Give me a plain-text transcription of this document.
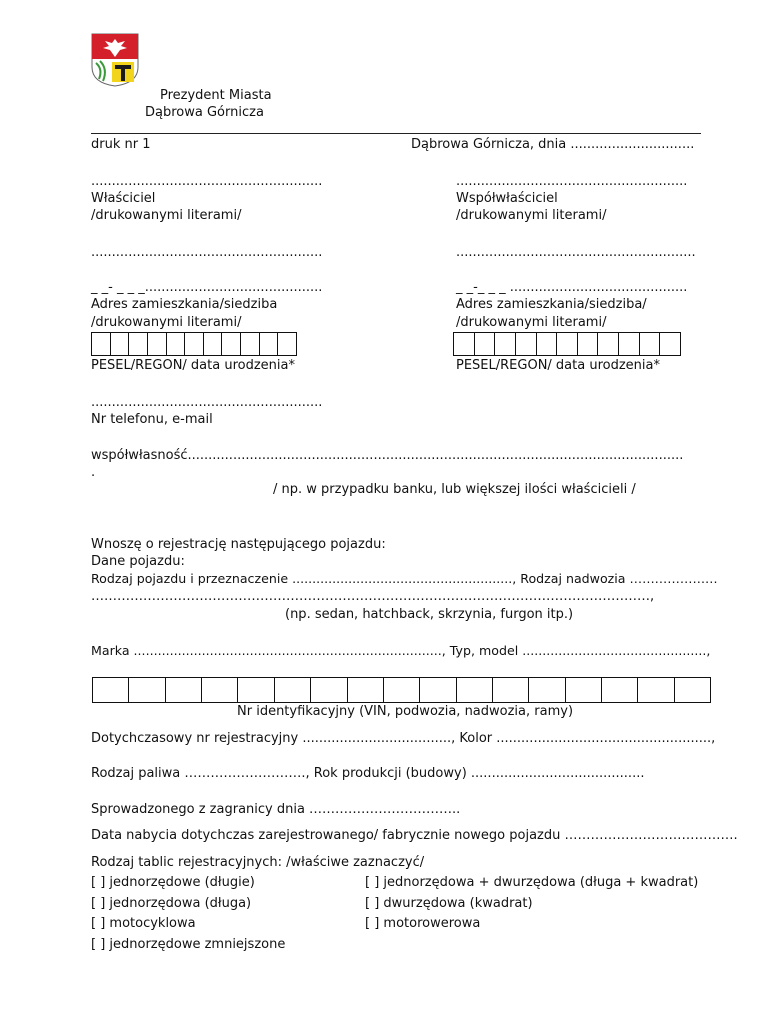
Prezydent Miasta
Dąbrowa Górnicza
druk nr 1	Dąbrowa Górnicza, dnia ..............................
........................................................
Właściciel
/drukowanymi literami/
........................................................
_ _- _ _ _...........................................
Adres zamieszkania/siedziba
/drukowanymi literami/
PESEL/REGON/ data urodzenia*
........................................................
Nr telefonu, e-mail
........................................................
Współwłaściciel
/drukowanymi literami/
..........................................................
_ _-_ _ _ ...........................................
Adres zamieszkania/siedziba/
/drukowanymi literami/
PESEL/REGON/ data urodzenia*
współwłasność........................................................................................................................
.
/ np. w przypadku banku, lub większej ilości właścicieli /
Wnoszę o rejestrację następującego pojazdu:
Dane pojazdu:
Rodzaj pojazdu i przeznaczenie ......................................................., Rodzaj nadwozia …………………
…………………………………………………………………………………………………………………,
(np. sedan, hatchback, skrzynia, furgon itp.)
Marka ............................................................................., Typ, model ..............................................,
Nr identyfikacyjny (VIN, podwozia, nadwozia, ramy)
Dotychczasowy nr rejestracyjny ...................................., Kolor ....................................................,
Rodzaj paliwa ………………………., Rok produkcji (budowy) ..........................................
Sprowadzonego z zagranicy dnia ……………………………..
Data nabycia dotychczas zarejestrowanego/ fabrycznie nowego pojazdu ………………………………….
Rodzaj tablic rejestracyjnych: /właściwe zaznaczyć/
[ ] jednorzędowe (długie)
[ ] jednorzędowa (długa)
[ ] motocyklowa
[ ] jednorzędowe zmniejszone
[ ] jednorzędowa + dwurzędowa (długa + kwadrat)
[ ] dwurzędowa (kwadrat)
[ ] motorowerowa
